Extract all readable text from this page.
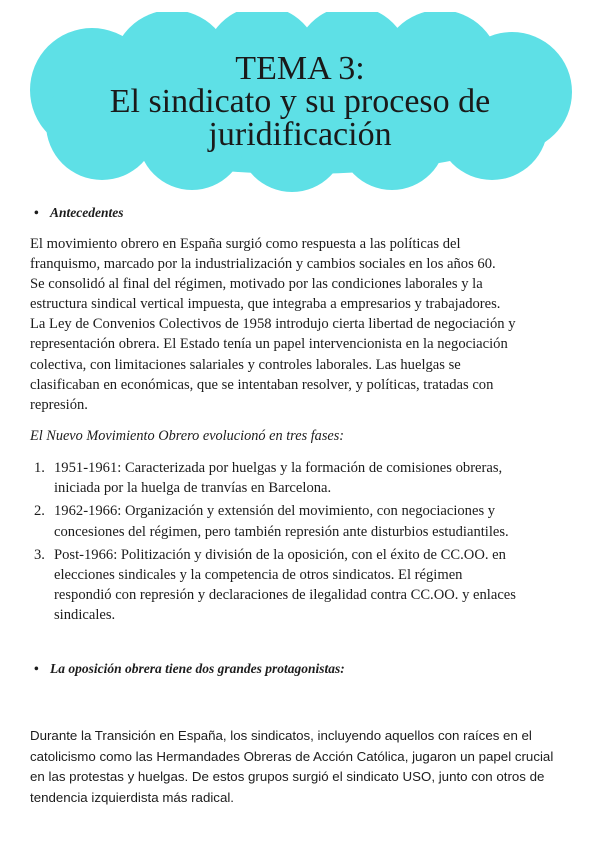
TEMA 3:
El sindicato y su proceso de
juridificación
• Antecedentes
El movimiento obrero en España surgió como respuesta a las políticas del
franquismo, marcado por la industrialización y cambios sociales en los años 60.
Se consolidó al final del régimen, motivado por las condiciones laborales y la
estructura sindical vertical impuesta, que integraba a empresarios y trabajadores.
La Ley de Convenios Colectivos de 1958 introdujo cierta libertad de negociación y
representación obrera. El Estado tenía un papel intervencionista en la negociación
colectiva, con limitaciones salariales y controles laborales. Las huelgas se
clasificaban en económicas, que se intentaban resolver, y políticas, tratadas con
represión.
El Nuevo Movimiento Obrero evolucionó en tres fases:
1. 1951-1961: Caracterizada por huelgas y la formación de comisiones obreras,
iniciada por la huelga de tranvías en Barcelona.
2. 1962-1966: Organización y extensión del movimiento, con negociaciones y
concesiones del régimen, pero también represión ante disturbios estudiantiles.
3. Post-1966: Politización y división de la oposición, con el éxito de CC.OO. en
elecciones sindicales y la competencia de otros sindicatos. El régimen
respondió con represión y declaraciones de ilegalidad contra CC.OO. y enlaces
sindicales.
• La oposición obrera tiene dos grandes protagonistas:
Durante la Transición en España, los sindicatos, incluyendo aquellos con raíces en el
catolicismo como las Hermandades Obreras de Acción Católica, jugaron un papel crucial
en las protestas y huelgas. De estos grupos surgió el sindicato USO, junto con otros de
tendencia izquierdista más radical.
